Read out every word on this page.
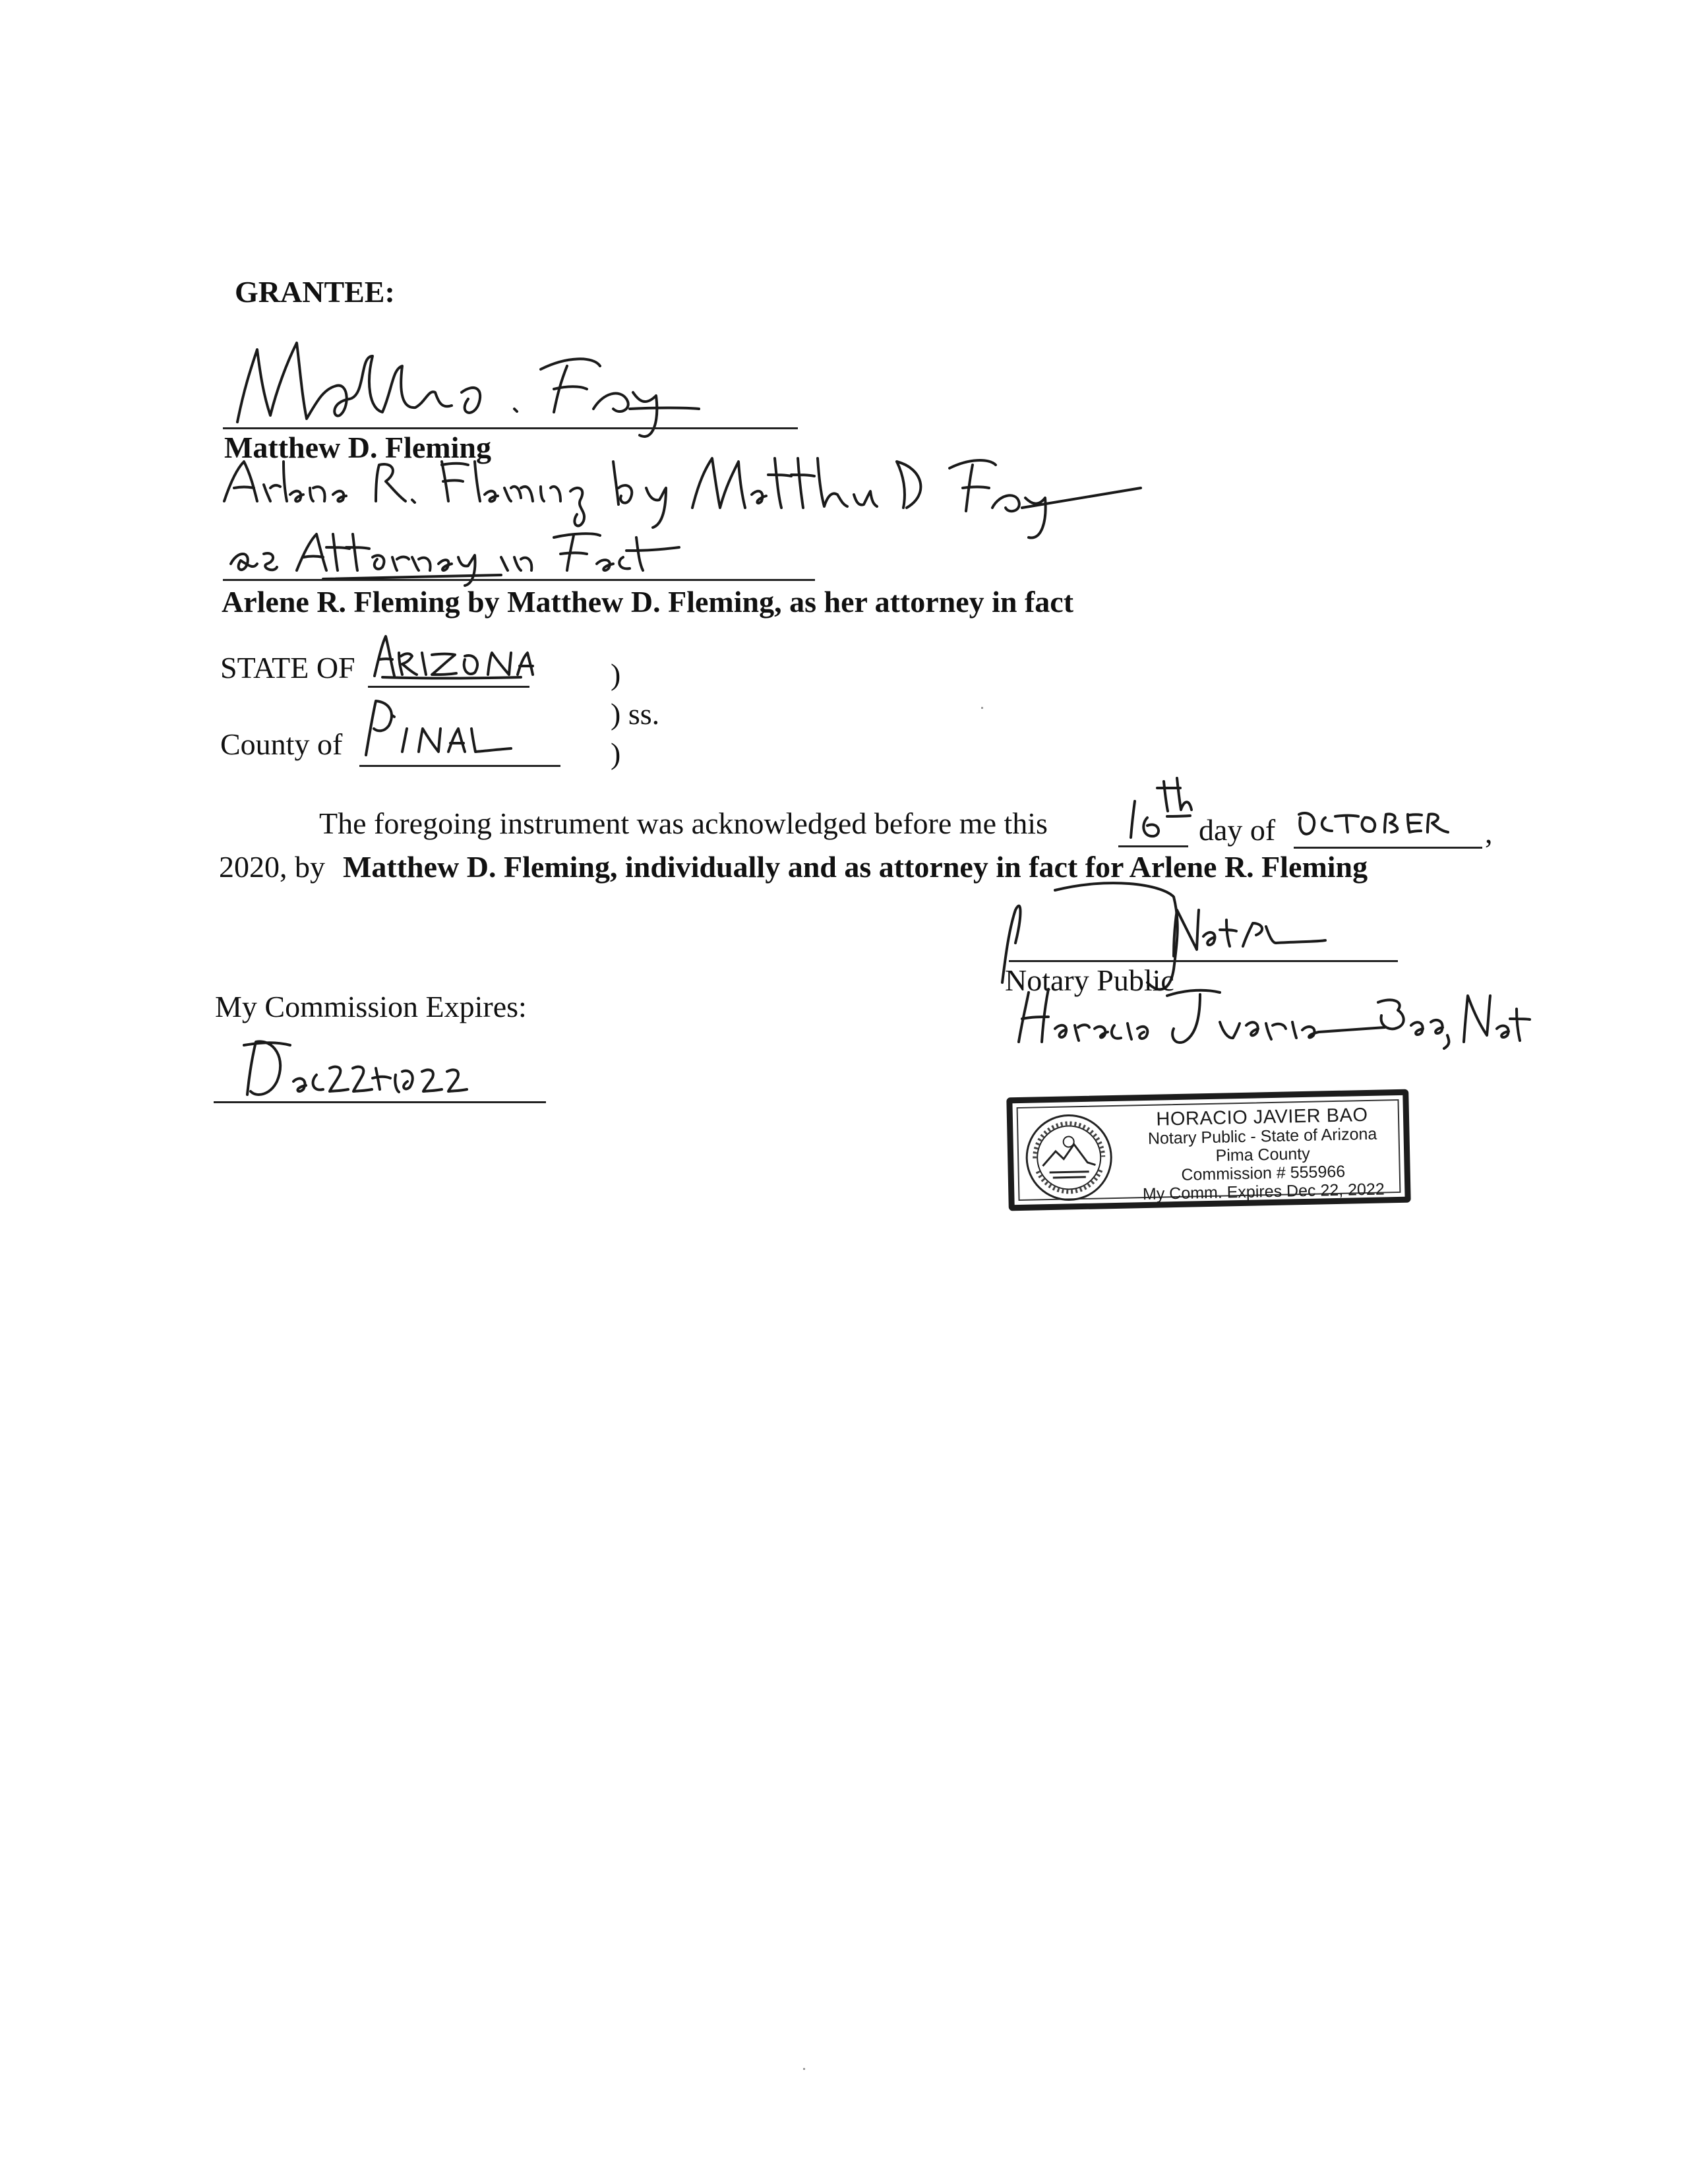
GRANTEE:
Matthew D. Fleming
Arlene R. Fleming by Matthew D. Fleming, as her attorney in fact
STATE OF	)
) ss.
)
County of
The foregoing instrument was acknowledged before me this	day of	,
2020, by Matthew D. Fleming, individually and as attorney in fact for Arlene R. Fleming
Notary Public
My Commission Expires:
HORACIO JAVIER BAO
Notary Public - State of Arizona
Pima County
Commission # 555966
My Comm. Expires Dec 22, 2022
